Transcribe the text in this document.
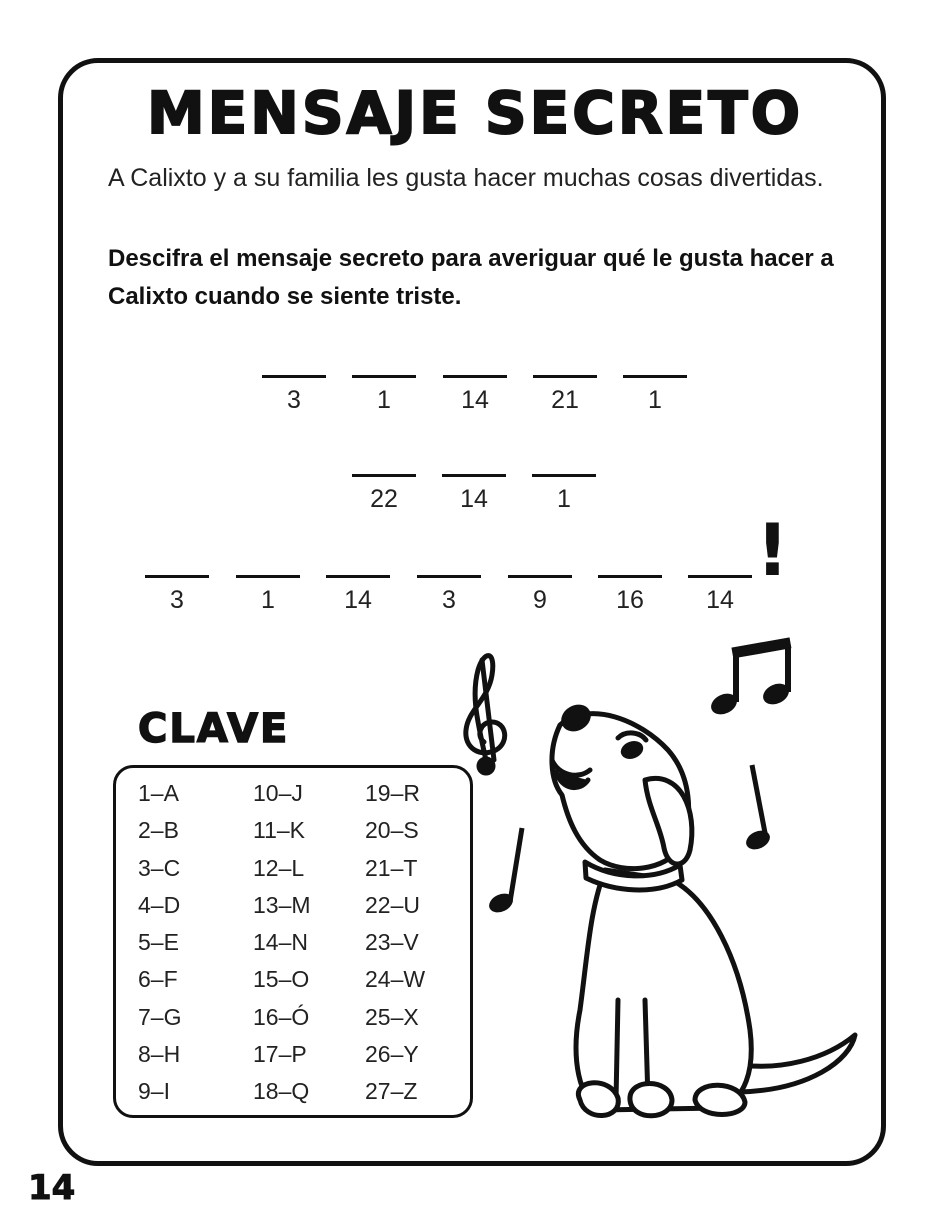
MENSAJE SECRETO
A Calixto y a su familia les gusta hacer muchas cosas divertidas.
Descifra el mensaje secreto para averiguar qué le gusta hacer a Calixto cuando se siente triste.
3	1	14	21	1
22	14	1
3	1	14	3	9	16	14
!
CLAVE
1–A
2–B
3–C
4–D
5–E
6–F
7–G
8–H
9–I
10–J
11–K
12–L
13–M
14–N
15–O
16–Ó
17–P
18–Q
19–R
20–S
21–T
22–U
23–V
24–W
25–X
26–Y
27–Z
14
